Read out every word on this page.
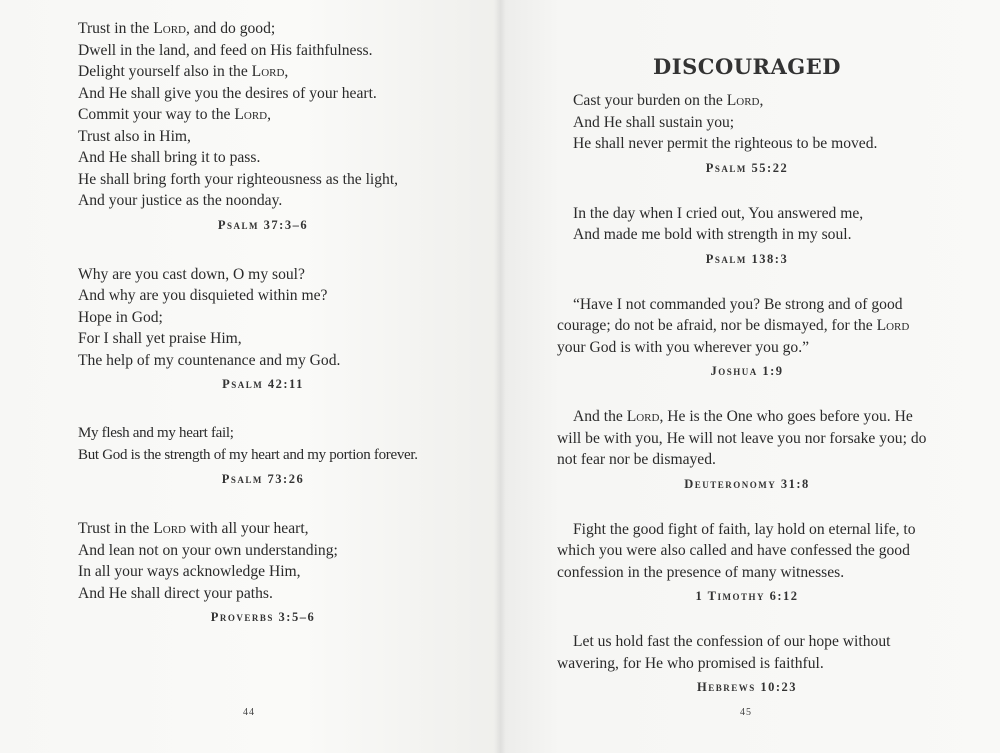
Trust in the Lord, and do good;
Dwell in the land, and feed on His faithfulness.
Delight yourself also in the Lord,
And He shall give you the desires of your heart.
Commit your way to the Lord,
Trust also in Him,
And He shall bring it to pass.
He shall bring forth your righteousness as the light,
And your justice as the noonday.
Psalm 37:3–6
Why are you cast down, O my soul?
And why are you disquieted within me?
Hope in God;
For I shall yet praise Him,
The help of my countenance and my God.
Psalm 42:11
My flesh and my heart fail;
But God is the strength of my heart and my portion forever.
Psalm 73:26
Trust in the Lord with all your heart,
And lean not on your own understanding;
In all your ways acknowledge Him,
And He shall direct your paths.
Proverbs 3:5–6
DISCOURAGED
Cast your burden on the Lord,
And He shall sustain you;
He shall never permit the righteous to be moved.
Psalm 55:22
In the day when I cried out, You answered me,
And made me bold with strength in my soul.
Psalm 138:3

“Have I not commanded you? Be strong and of good courage; do not be afraid, nor be dismayed, for the Lord your God is with you wherever you go.”

Joshua 1:9

And the Lord, He is the One who goes before you. He will be with you, He will not leave you nor forsake you; do not fear nor be dismayed.

Deuteronomy 31:8

Fight the good fight of faith, lay hold on eternal life, to which you were also called and have confessed the good confession in the presence of many witnesses.

1 Timothy 6:12

Let us hold fast the confession of our hope without wavering, for He who promised is faithful.

Hebrews 10:23
44	45
